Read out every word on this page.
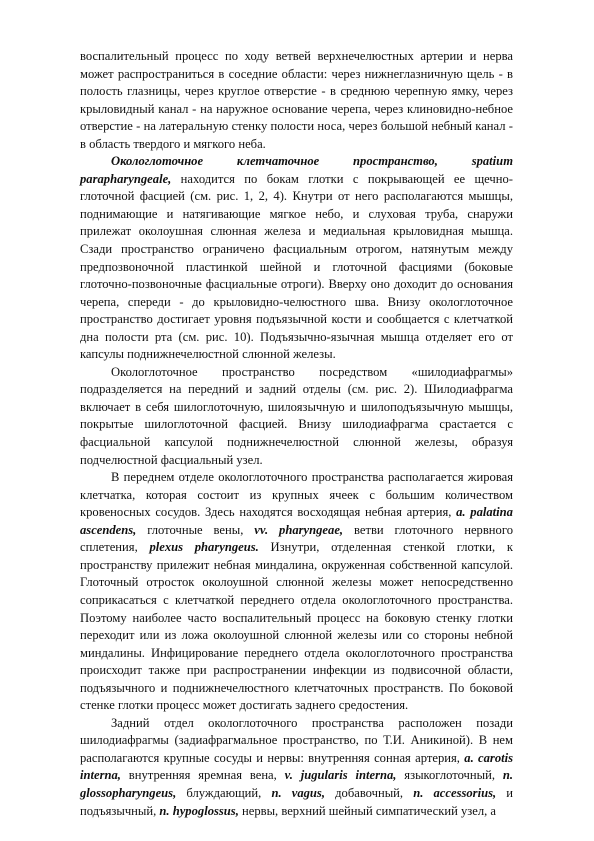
воспалительный процесс по ходу ветвей верхнечелюстных артерии и нерва может распространиться в соседние области: через нижнеглазничную щель - в полость глазницы, через круглое отверстие - в среднюю черепную ямку, через крыловидный канал - на наружное основание черепа, через клиновидно-небное отверстие - на латеральную стенку полости носа, через большой небный канал - в область твердого и мягкого неба.

Окологлоточное клетчаточное пространство, spatium parapharyngeale, находится по бокам глотки с покрывающей ее щечно-глоточной фасцией (см. рис. 1, 2, 4). Кнутри от него располагаются мышцы, поднимающие и натягивающие мягкое небо, и слуховая труба, снаружи прилежат околоушная слюнная железа и медиальная крыловидная мышца. Сзади пространство ограничено фасциальным отрогом, натянутым между предпозвоночной пластинкой шейной и глоточной фасциями (боковые глоточно-позвоночные фасциальные отроги). Вверху оно доходит до основания черепа, спереди - до крыловидно-челюстного шва. Внизу окологлоточное пространство достигает уровня подъязычной кости и сообщается с клетчаткой дна полости рта (см. рис. 10). Подъязычно-язычная мышца отделяет его от капсулы поднижнечелюстной слюнной железы.

Окологлоточное пространство посредством «шилодиафрагмы» подразделяется на передний и задний отделы (см. рис. 2). Шилодиафрагма включает в себя шилоглоточную, шилоязычную и шилоподъязычную мышцы, покрытые шилоглоточной фасцией. Внизу шилодиафрагма срастается с фасциальной капсулой поднижнечелюстной слюнной железы, образуя подчелюстной фасциальный узел.

В переднем отделе окологлоточного пространства располагается жировая клетчатка, которая состоит из крупных ячеек с большим количеством кровеносных сосудов. Здесь находятся восходящая небная артерия, a. palatina ascendens, глоточные вены, vv. pharyngeae, ветви глоточного нервного сплетения, plexus pharyngeus. Изнутри, отделенная стенкой глотки, к пространству прилежит небная миндалина, окруженная собственной капсулой. Глоточный отросток околоушной слюнной железы может непосредственно соприкасаться с клетчаткой переднего отдела окологлоточного пространства. Поэтому наиболее часто воспалительный процесс на боковую стенку глотки переходит или из ложа околоушной слюнной железы или со стороны небной миндалины. Инфицирование переднего отдела окологлоточного пространства происходит также при распространении инфекции из подвисочной области, подъязычного и поднижнечелюстного клетчаточных пространств. По боковой стенке глотки процесс может достигать заднего средостения.

Задний отдел окологлоточного пространства расположен позади шилодиафрагмы (задиафрагмальное пространство, по Т.И. Аникиной). В нем располагаются крупные сосуды и нервы: внутренняя сонная артерия, a. carotis interna, внутренняя яремная вена, v. jugularis interna, языкоглоточный, n. glossopharyngeus, блуждающий, n. vagus, добавочный, n. accessorius, и подъязычный, n. hypoglossus, нервы, верхний шейный симпатический узел, а
